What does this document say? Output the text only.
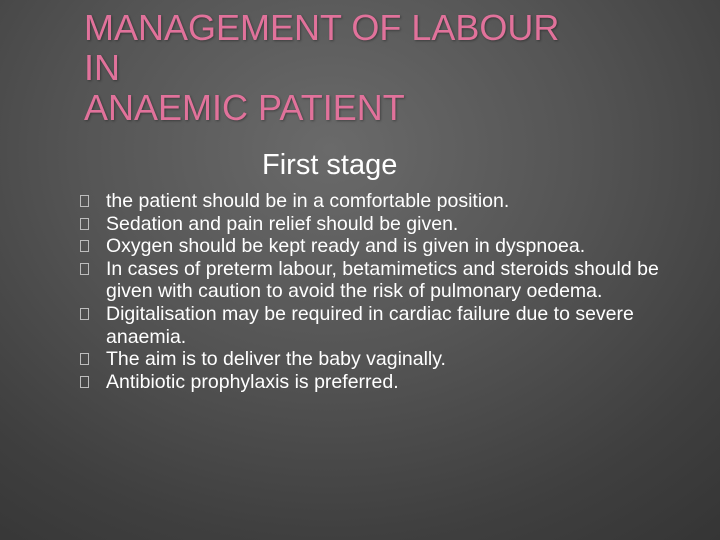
MANAGEMENT OF LABOUR
IN
ANAEMIC PATIENT
First stage
the patient should be in a comfortable position.
Sedation and pain relief should be given.
Oxygen should be kept ready and is given in dyspnoea.
In cases of preterm labour, betamimetics and steroids should be given with caution to avoid the risk of pulmonary oedema.
Digitalisation may be required in cardiac failure due to severe anaemia.
The aim is to deliver the baby vaginally.
Antibiotic prophylaxis is preferred.
